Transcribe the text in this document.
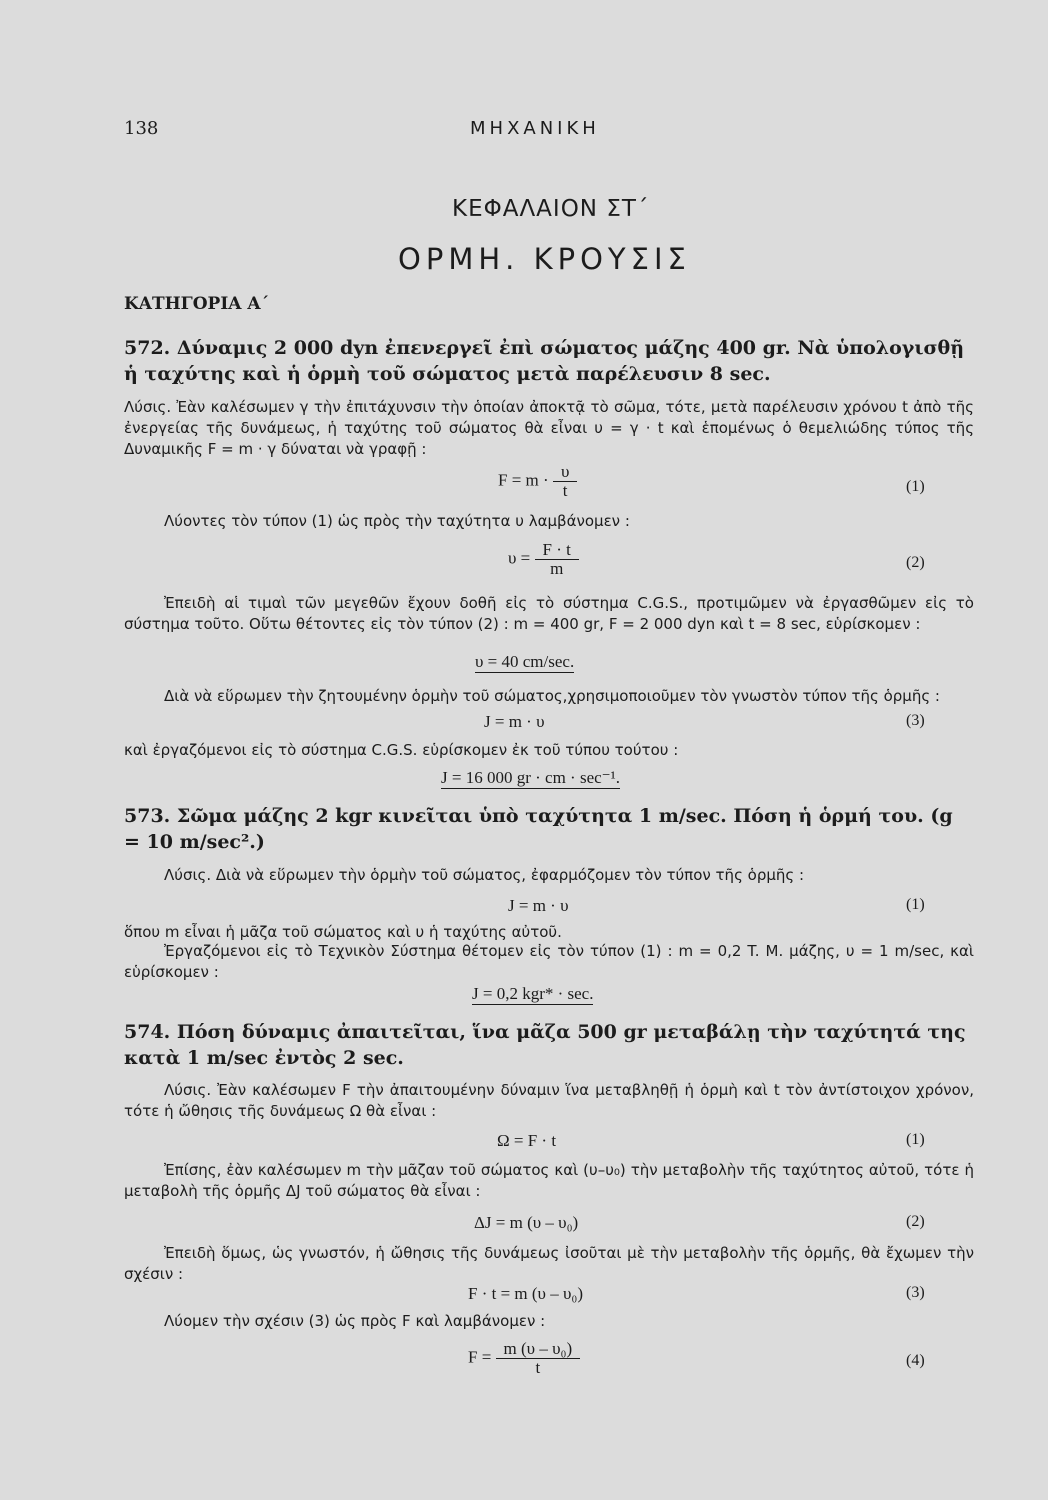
138	ΜΗΧΑΝΙΚΗ
ΚΕΦΑΛΑΙΟΝ ΣΤ΄
ΟΡΜΗ. ΚΡΟΥΣΙΣ
ΚΑΤΗΓΟΡΙΑ Α΄
572. Δύναμις 2 000 dyn ἐπενεργεῖ ἐπὶ σώματος μάζης 400 gr. Νὰ ὑπολογισθῇ ἡ ταχύτης καὶ ἡ ὁρμὴ τοῦ σώματος μετὰ παρέλευσιν 8 sec.
Λύσις. Ἐὰν καλέσωμεν γ τὴν ἐπιτάχυνσιν τὴν ὁποίαν ἀποκτᾷ τὸ σῶμα, τότε, μετὰ παρέλευσιν χρόνου t ἀπὸ τῆς ἐνεργείας τῆς δυνάμεως, ἡ ταχύτης τοῦ σώματος θὰ εἶναι υ = γ · t καὶ ἑπομένως ὁ θεμελιώδης τύπος τῆς Δυναμικῆς F = m · γ δύναται νὰ γραφῇ :
$F = m \cdot \frac{\upsilon}{t}$	(1)
Λύοντες τὸν τύπον (1) ὡς πρὸς τὴν ταχύτητα υ λαμβάνομεν :
$\upsilon = \frac{F \cdot t}{m}$	(2)
Ἐπειδὴ αἱ τιμαὶ τῶν μεγεθῶν ἔχουν δοθῆ εἰς τὸ σύστημα C.G.S., προτιμῶμεν νὰ ἐργασθῶμεν εἰς τὸ σύστημα τοῦτο. Οὕτω θέτοντες εἰς τὸν τύπον (2) : m = 400 gr, F = 2 000 dyn καὶ t = 8 sec, εὑρίσκομεν :
υ = 40 cm/sec.
Διὰ νὰ εὕρωμεν τὴν ζητουμένην ὁρμὴν τοῦ σώματος,χρησιμοποιοῦμεν τὸν γνωστὸν τύπον τῆς ὁρμῆς :
J = m · υ	(3)
καὶ ἐργαζόμενοι εἰς τὸ σύστημα C.G.S. εὑρίσκομεν ἐκ τοῦ τύπου τούτου :
J = 16 000 gr · cm · sec⁻¹.
573. Σῶμα μάζης 2 kgr κινεῖται ὑπὸ ταχύτητα 1 m/sec. Πόση ἡ ὁρμή του. (g = 10 m/sec².)
Λύσις. Διὰ νὰ εὕρωμεν τὴν ὁρμὴν τοῦ σώματος, ἐφαρμόζομεν τὸν τύπον τῆς ὁρμῆς :
J = m · υ	(1)
ὅπου m εἶναι ἡ μᾶζα τοῦ σώματος καὶ υ ἡ ταχύτης αὐτοῦ.
Ἐργαζόμενοι εἰς τὸ Τεχνικὸν Σύστημα θέτομεν εἰς τὸν τύπον (1) : m = 0,2 T. M. μάζης, υ = 1 m/sec, καὶ εὑρίσκομεν :
J = 0,2 kgr* · sec.
574. Πόση δύναμις ἀπαιτεῖται, ἵνα μᾶζα 500 gr μεταβάλῃ τὴν ταχύτητά της κατὰ 1 m/sec ἐντὸς 2 sec.
Λύσις. Ἐὰν καλέσωμεν F τὴν ἀπαιτουμένην δύναμιν ἵνα μεταβληθῇ ἡ ὁρμὴ καὶ t τὸν ἀντίστοιχον χρόνον, τότε ἡ ὤθησις τῆς δυνάμεως Ω θὰ εἶναι :
Ω = F · t	(1)
Ἐπίσης, ἐὰν καλέσωμεν m τὴν μᾶζαν τοῦ σώματος καὶ (υ–υ₀) τὴν μεταβολὴν τῆς ταχύτητος αὐτοῦ, τότε ἡ μεταβολὴ τῆς ὁρμῆς ΔJ τοῦ σώματος θὰ εἶναι :
ΔJ = m (υ – υ₀)	(2)
Ἐπειδὴ ὅμως, ὡς γνωστόν, ἡ ὤθησις τῆς δυνάμεως ἰσοῦται μὲ τὴν μεταβολὴν τῆς ὁρμῆς, θὰ ἔχωμεν τὴν σχέσιν :
F · t = m (υ – υ₀)	(3)
Λύομεν τὴν σχέσιν (3) ὡς πρὸς F καὶ λαμβάνομεν :
$F = \frac{\text{m (υ – υ₀)}}{t}$	(4)
